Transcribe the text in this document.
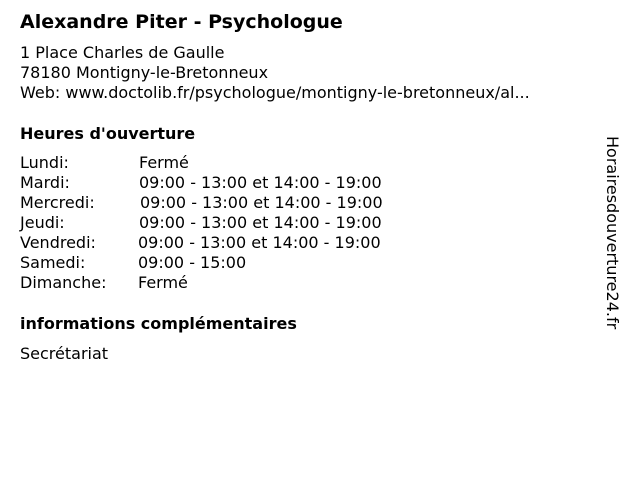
Alexandre Piter - Psychologue
1 Place Charles de Gaulle
78180 Montigny-le-Bretonneux
Web: www.doctolib.fr/psychologue/montigny-le-bretonneux/al...
Heures d'ouverture
Lundi:	Fermé
Mardi:	09:00 - 13:00 et 14:00 - 19:00
Mercredi:	09:00 - 13:00 et 14:00 - 19:00
Jeudi:	09:00 - 13:00 et 14:00 - 19:00
Vendredi:	09:00 - 13:00 et 14:00 - 19:00
Samedi:	09:00 - 15:00
Dimanche: Fermé
informations complémentaires
Secrétariat
Horairesdouverture24.fr
